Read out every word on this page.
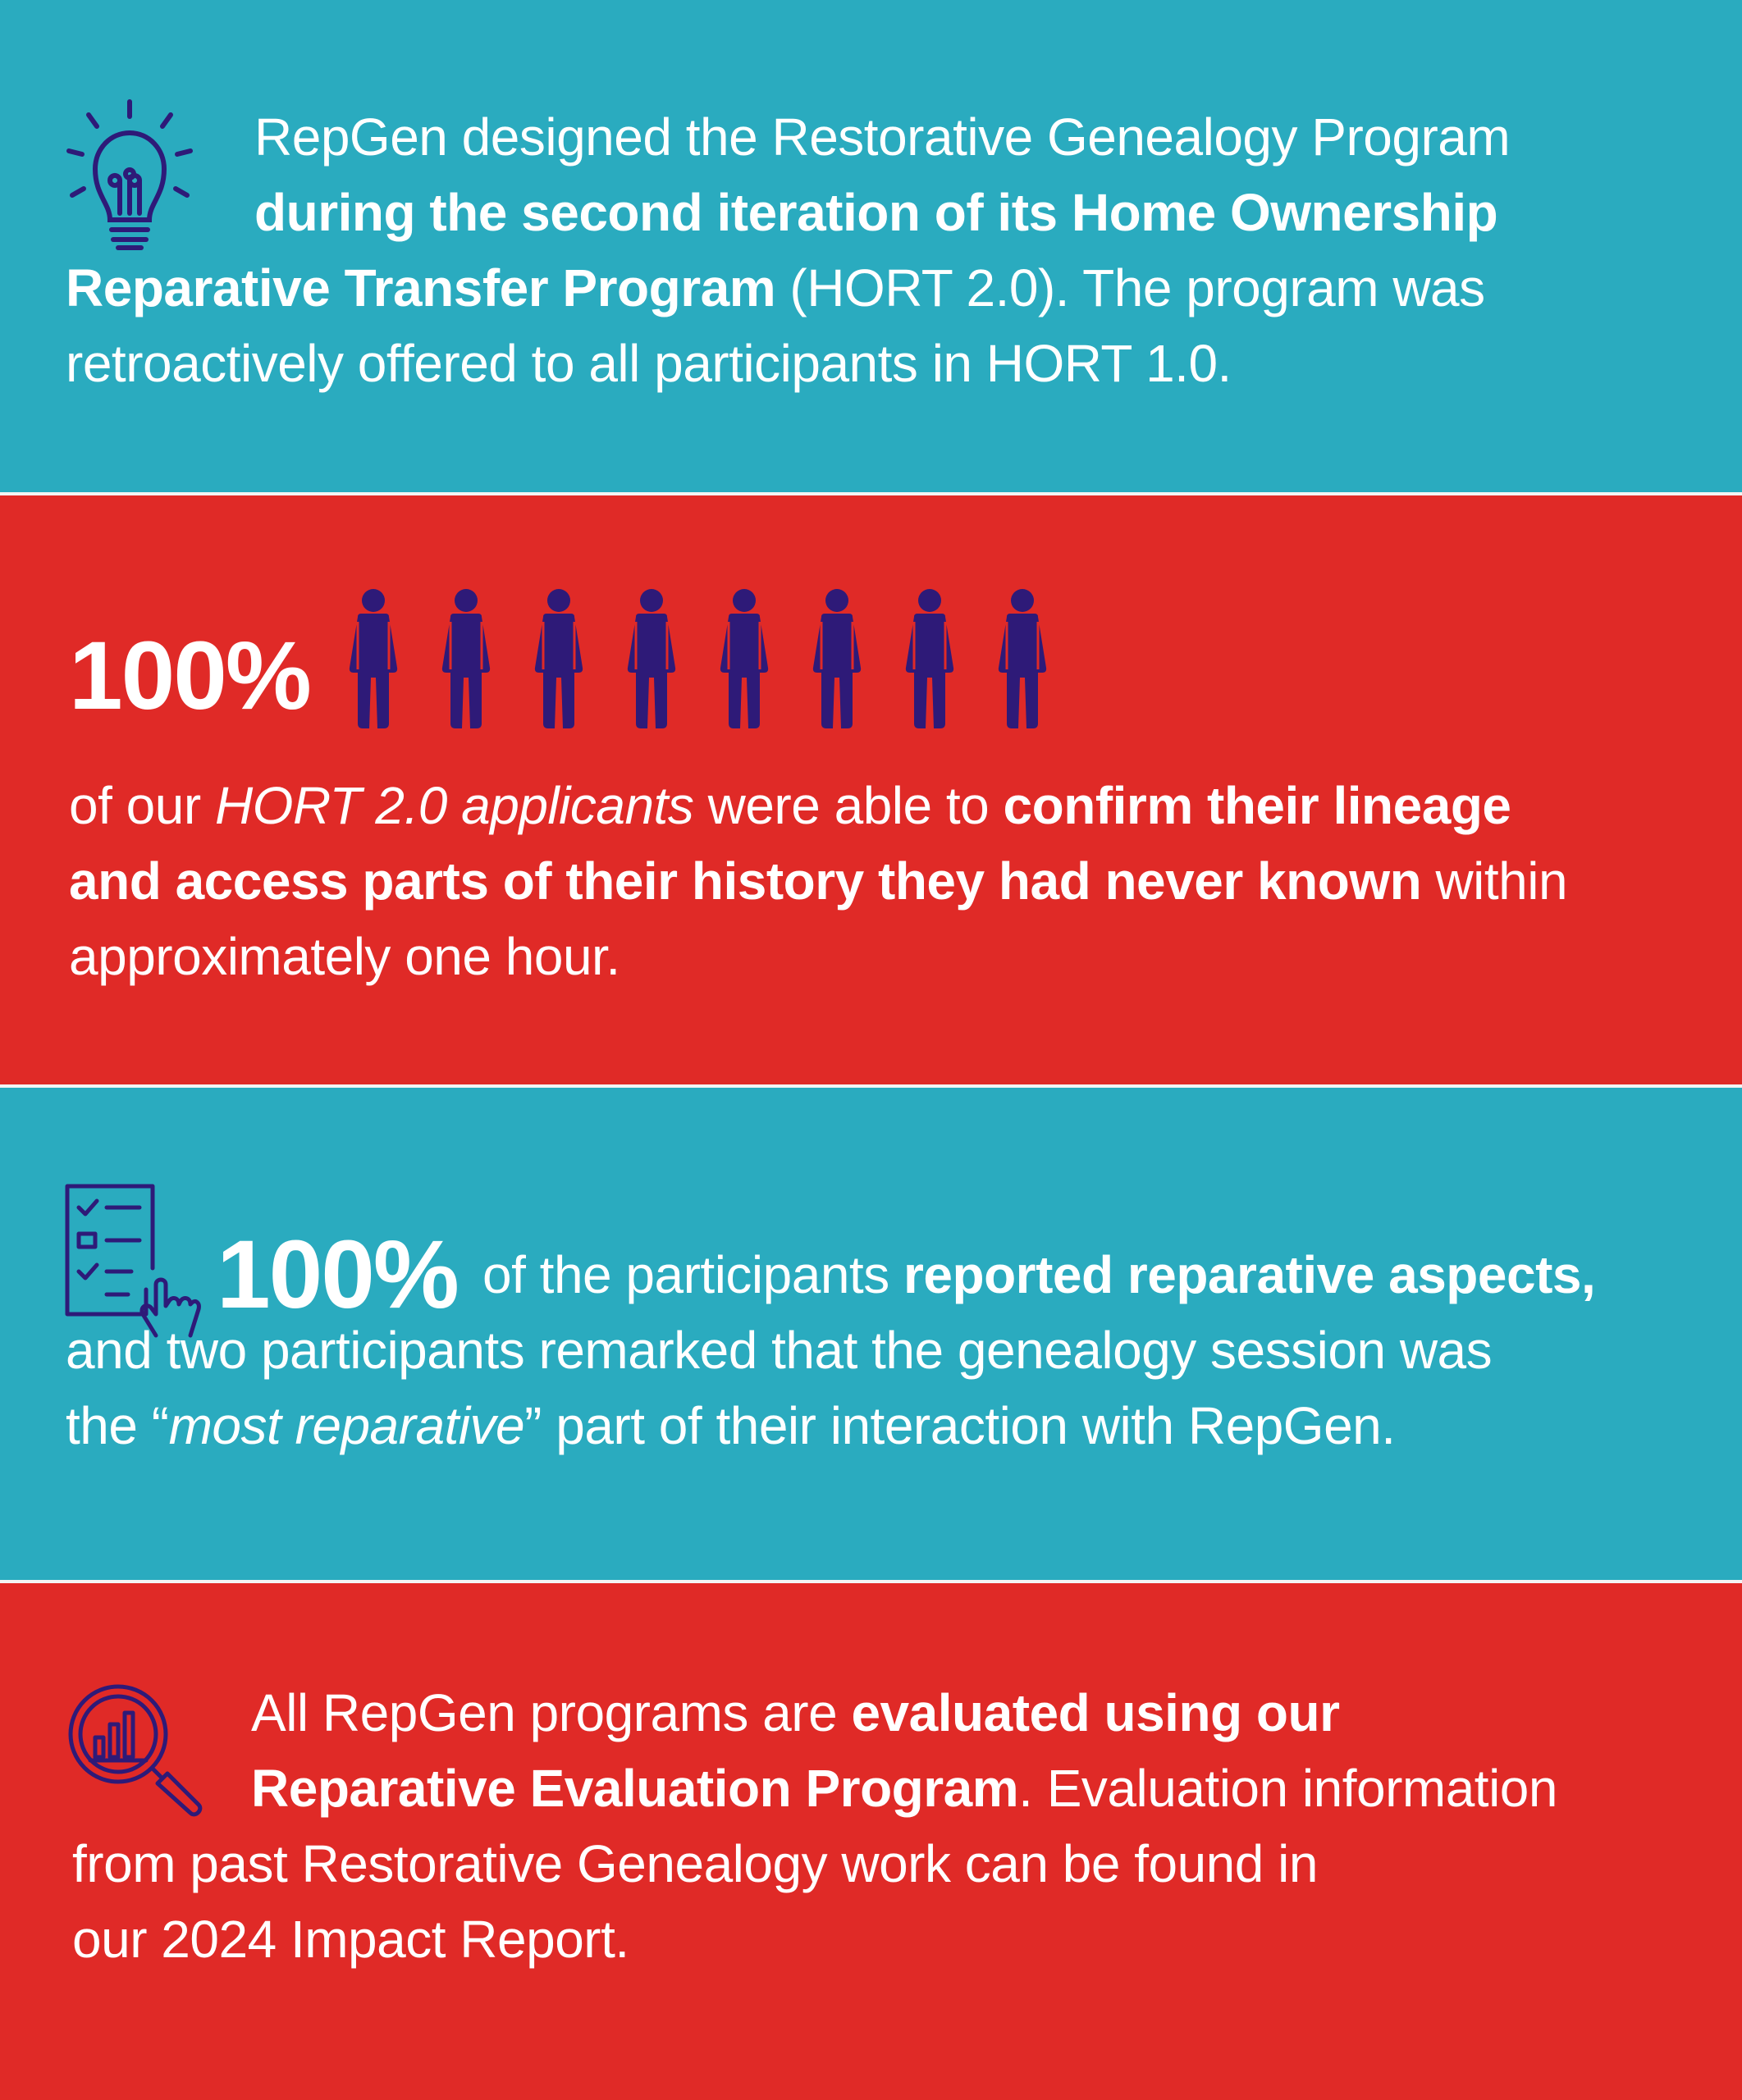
RepGen designed the Restorative Genealogy Program
during the second iteration of its Home Ownership
Reparative Transfer Program (HORT 2.0). The program was
retroactively offered to all participants in HORT 1.0.
100%
of our HORT 2.0 applicants were able to confirm their lineage
and access parts of their history they had never known within
approximately one hour.
100% of the participants reported reparative aspects,
and two participants remarked that the genealogy session was
the “most reparative” part of their interaction with RepGen.
All RepGen programs are evaluated using our
Reparative Evaluation Program. Evaluation information
from past Restorative Genealogy work can be found in
our 2024 Impact Report.
